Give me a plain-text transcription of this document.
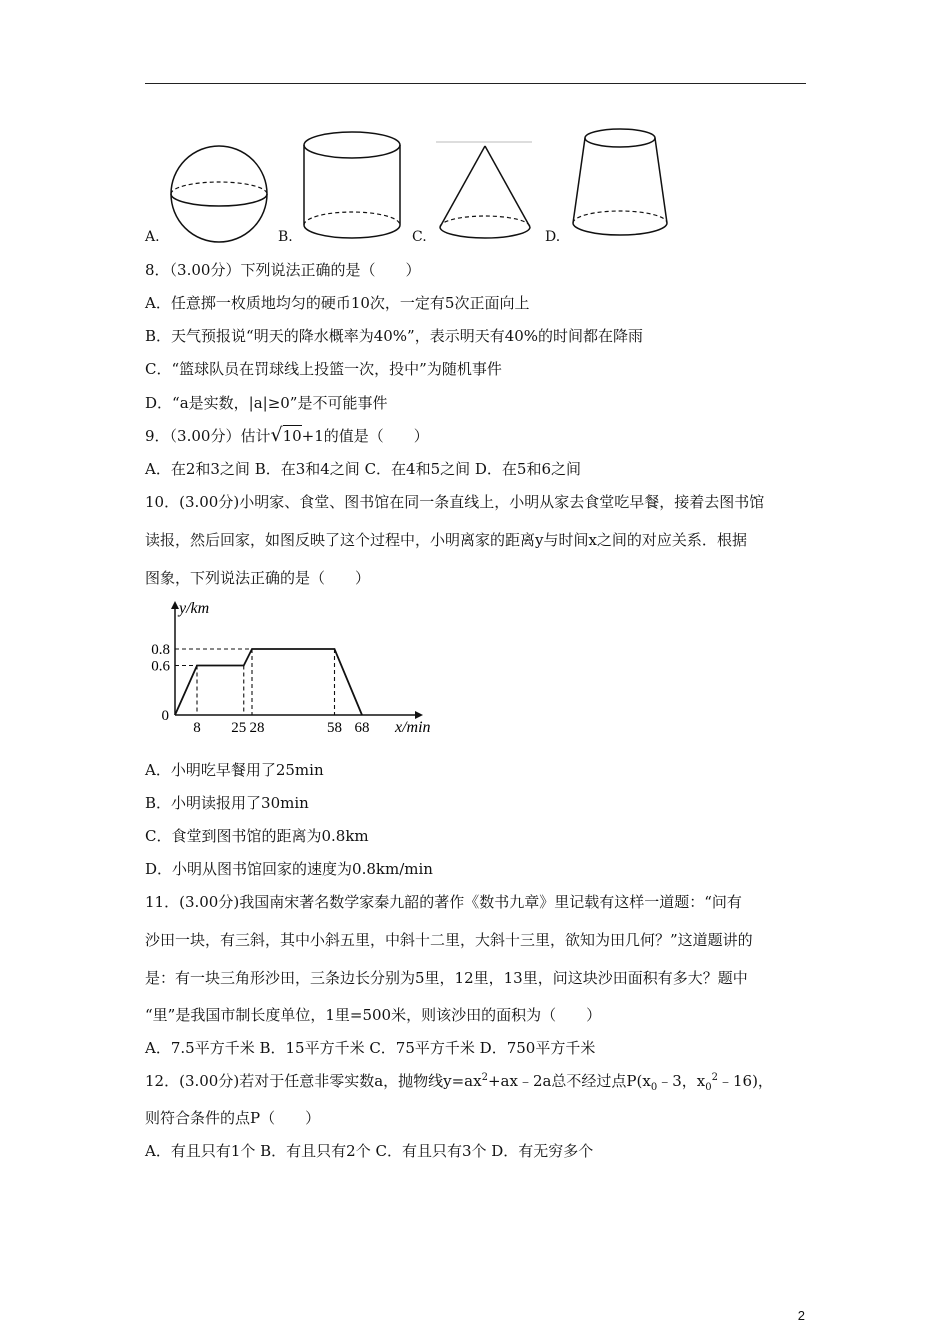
A.	B.	C.	D.
8．（3.00分）下列说法正确的是（　　）
A．任意掷一枚质地均匀的硬币10次，一定有5次正面向上
B．天气预报说“明天的降水概率为40%”，表示明天有40%的时间都在降雨
C．“篮球队员在罚球线上投篮一次，投中”为随机事件
D．“a是实数，|a|≥0”是不可能事件
9．（3.00分）估计√10+1的值是（　　）
A．在2和3之间 B．在3和4之间 C．在4和5之间 D．在5和6之间
10．(3.00分)小明家、食堂、图书馆在同一条直线上，小明从家去食堂吃早餐，接着去图书馆
读报，然后回家，如图反映了这个过程中，小明离家的距离y与时间x之间的对应关系．根据
图象，下列说法正确的是（　　）
8 25 28	58 68
0.6
0.8
0
x/min
y/km
A．小明吃早餐用了25min
B．小明读报用了30min
C．食堂到图书馆的距离为0.8km
D．小明从图书馆回家的速度为0.8km/min
11．(3.00分)我国南宋著名数学家秦九韶的著作《数书九章》里记载有这样一道题：“问有
沙田一块，有三斜，其中小斜五里，中斜十二里，大斜十三里，欲知为田几何？”这道题讲的
是：有一块三角形沙田，三条边长分别为5里，12里，13里，问这块沙田面积有多大？题中
“里”是我国市制长度单位，1里=500米，则该沙田的面积为（　　）
A．7.5平方千米 B．15平方千米 C．75平方千米 D．750平方千米
12．(3.00分)若对于任意非零实数a，抛物线$y=ax^2+ax﹣2a$总不经过点$P(x_0﹣3$，$x_0^2﹣16$)，
则符合条件的点P（　　）
A．有且只有1个 B．有且只有2个 C．有且只有3个 D．有无穷多个
2
